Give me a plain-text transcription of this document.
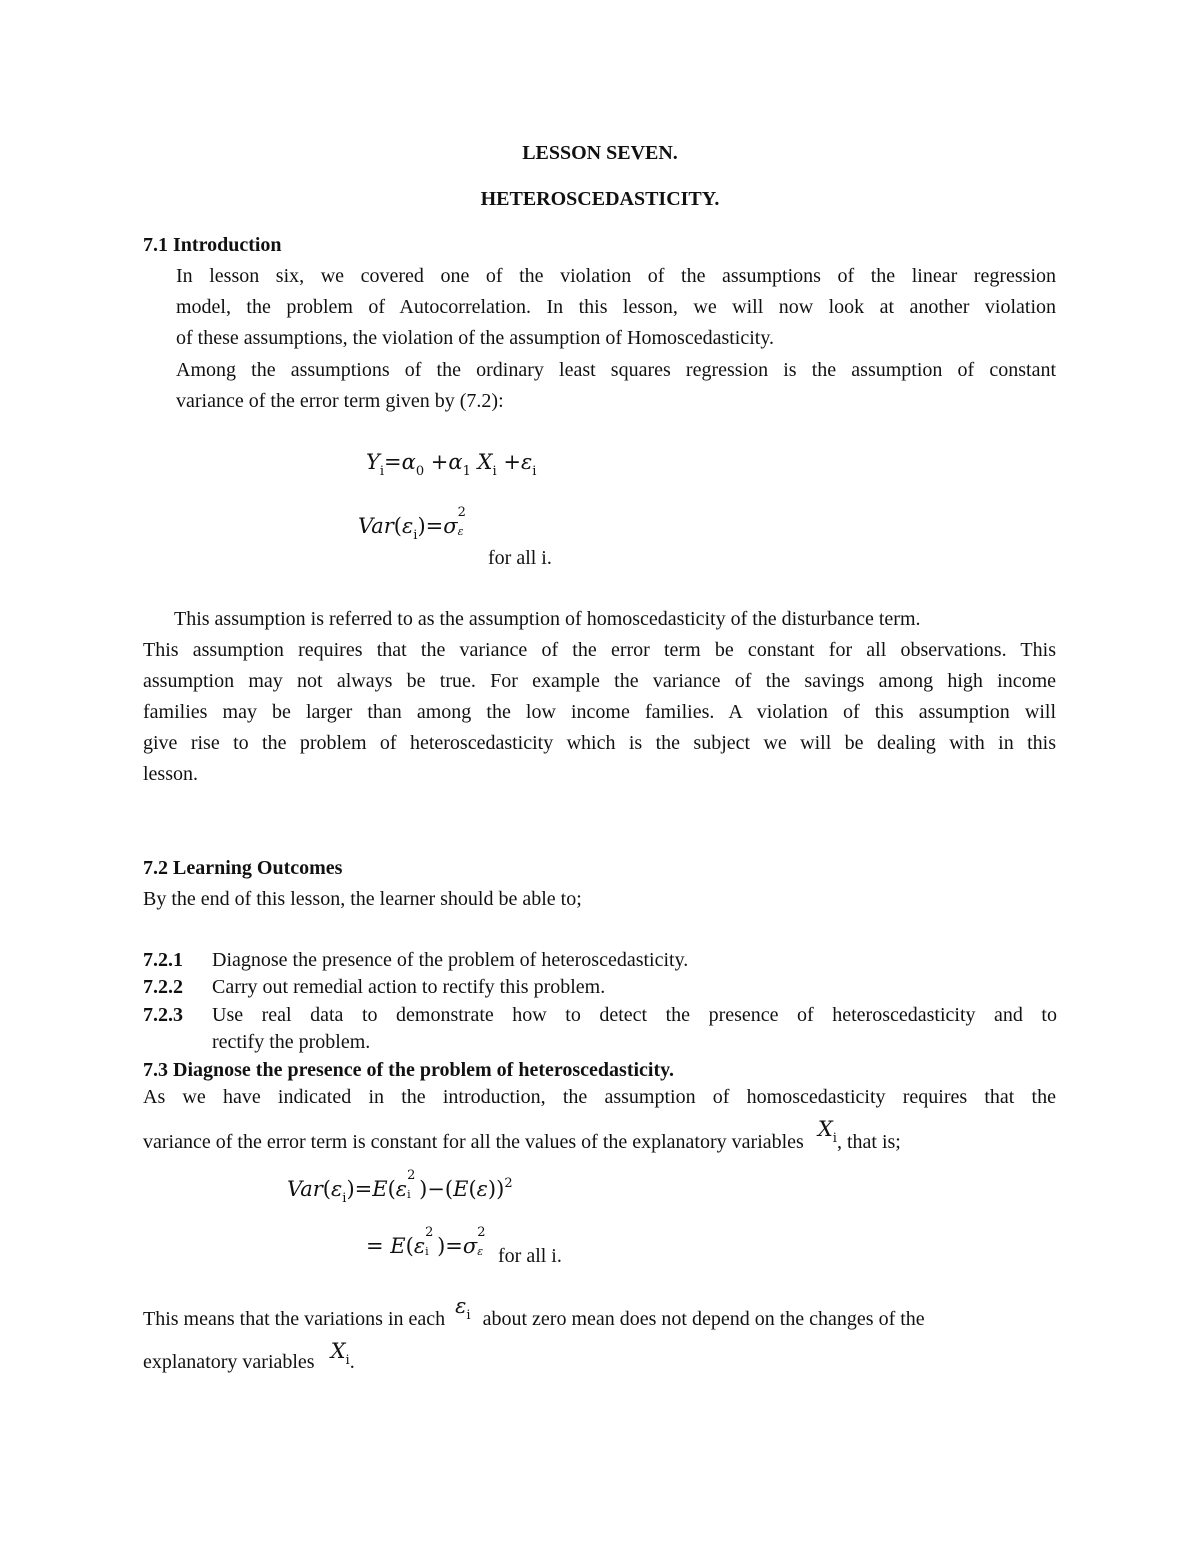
LESSON SEVEN.
HETEROSCEDASTICITY.
7.1 Introduction
In lesson six, we covered one of the violation of the assumptions of the linear regression
model, the problem of Autocorrelation. In this lesson, we will now look at another violation
of these assumptions, the violation of the assumption of Homoscedasticity.
Among the assumptions of the ordinary least squares regression is the assumption of constant
variance of the error term given by (7.2):
$Y_i=\alpha_0 +\alpha_1$ $X_i +\varepsilon_i$
$Var(\varepsilon_i)=\sigma$
2
ε
for all i.
This assumption is referred to as the assumption of homoscedasticity of the disturbance term.
This assumption requires that the variance of the error term be constant for all observations. This
assumption may not always be true. For example the variance of the savings among high income
families may be larger than among the low income families. A violation of this assumption will
give rise to the problem of heteroscedasticity which is the subject we will be dealing with in this
lesson.
7.2 Learning Outcomes
By the end of this lesson, the learner should be able to;
7.2.1 Diagnose the presence of the problem of heteroscedasticity.
7.2.2 Carry out remedial action to rectify this problem.
7.2.3 Use real data to demonstrate how to detect the presence of heteroscedasticity and to
rectify the problem.
7.3 Diagnose the presence of the problem of heteroscedasticity.
As we have indicated in the introduction, the assumption of homoscedasticity requires that the
variance of the error term is constant for all the values of the explanatory variablesX$_i$, that is;
$Var(\varepsilon_i)=E(\varepsilon$
2
i )$-(E(\varepsilon))^2$
= E(ε
2
i )=σ
2
ε for all i.
This means that the variations in eachε$_i$ about zero mean does not depend on the changes of the
explanatory variables $X_i$.
